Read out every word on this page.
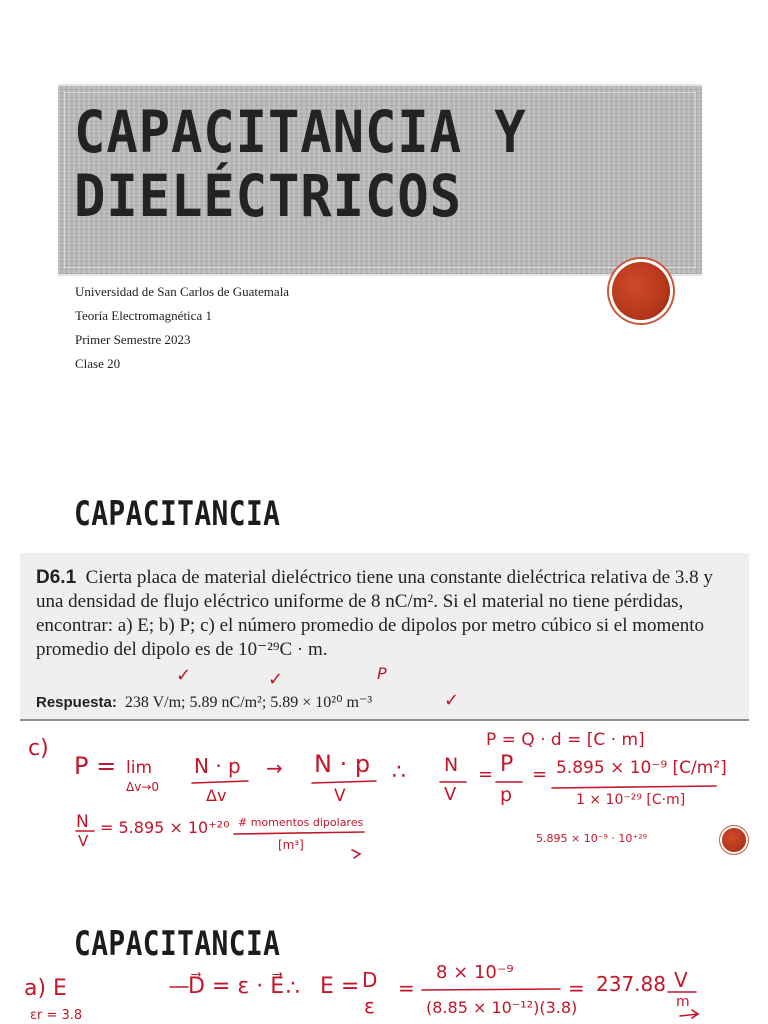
CAPACITANCIA Y
DIELÉCTRICOS
Universidad de San Carlos de Guatemala
Teoría Electromagnética 1
Primer Semestre 2023
Clase 20
CAPACITANCIA

D6.1 Cierta placa de material dieléctrico tiene una constante dieléctrica relativa de 3.8 y una densidad de flujo eléctrico uniforme de 8 nC/m². Si el material no tiene pérdidas, encontrar: a) E; b) P; c) el número promedio de dipolos por metro cúbico si el momento promedio del dipolo es de 10⁻²⁹C · m.

Respuesta: 238 V/m; 5.89 nC/m²; 5.89 × 10²⁰ m⁻³
✓	✓	P
✓
c)	P = Q · d = [C · m]
P = lim
Δv→0
N · p
Δv
→ N · p
V
∴ N
V
= P
p
= 5.895 × 10⁻⁹ [C/m²]
1 × 10⁻²⁹ [C·m]
N
V
= 5.895 × 10⁺²⁰ # momentos dipolares
[m³]	5.895 × 10⁻⁹ · 10⁺²⁹
CAPACITANCIA
a) E
εr = 3.8
D⃗ = ε · E⃗ ∴ E = D
ε
=
8 × 10⁻⁹
(8.85 × 10⁻¹²)(3.8)
= 237.88 V
m
